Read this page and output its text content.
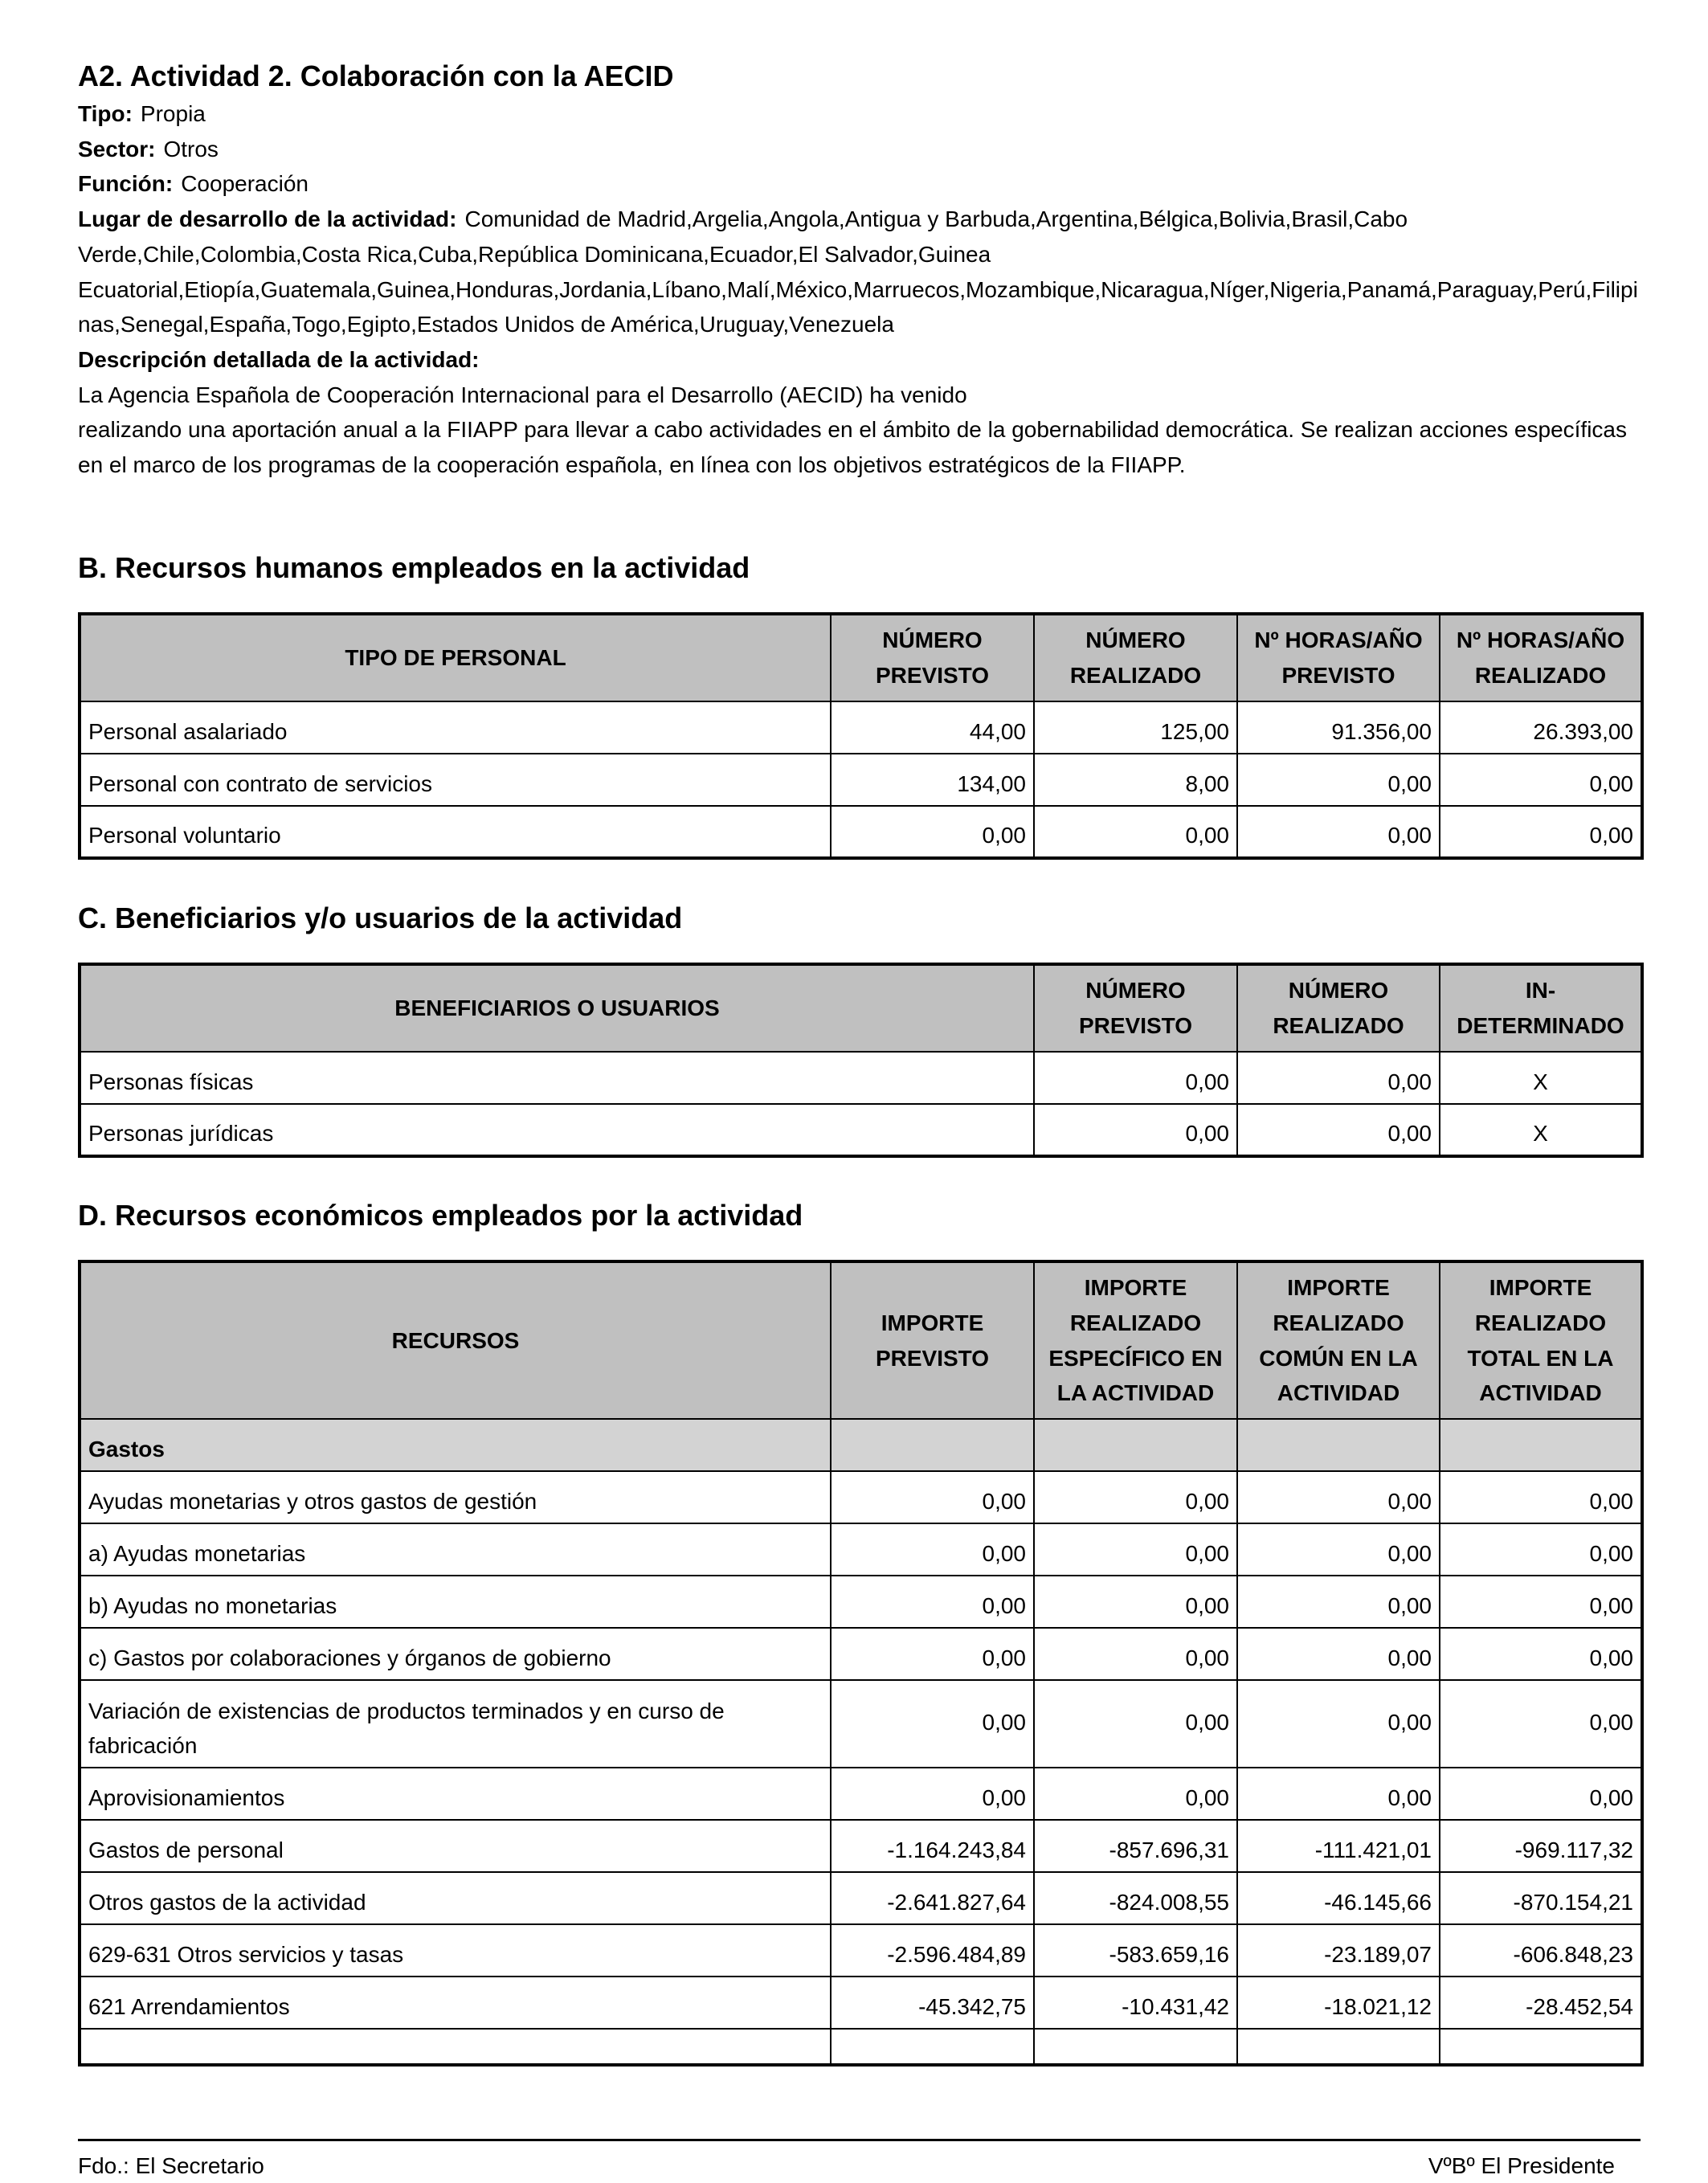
A2. Actividad 2. Colaboración con la AECID
Tipo: Propia
Sector: Otros
Función: Cooperación
Lugar de desarrollo de la actividad: Comunidad de Madrid,Argelia,Angola,Antigua y Barbuda,Argentina,Bélgica,Bolivia,Brasil,Cabo Verde,Chile,Colombia,Costa Rica,Cuba,República Dominicana,Ecuador,El Salvador,Guinea Ecuatorial,Etiopía,Guatemala,Guinea,Honduras,Jordania,Líbano,Malí,México,Marruecos,Mozambique,Nicaragua,Níger,Nigeria,Panamá,Paraguay,Perú,Filipinas,Senegal,España,Togo,Egipto,Estados Unidos de América,Uruguay,Venezuela
Descripción detallada de la actividad:
La Agencia Española de Cooperación Internacional para el Desarrollo (AECID) ha venido
realizando una aportación anual a la FIIAPP para llevar a cabo actividades en el ámbito de la gobernabilidad democrática. Se realizan acciones específicas en el marco de los programas de la cooperación española, en línea con los objetivos estratégicos de la FIIAPP.
B. Recursos humanos empleados en la actividad
TIPO DE PERSONAL	NÚMERO PREVISTO	NÚMERO REALIZADO	Nº HORAS/AÑO PREVISTO	Nº HORAS/AÑO REALIZADO
Personal asalariado	44,00	125,00	91.356,00	26.393,00
Personal con contrato de servicios	134,00	8,00	0,00	0,00
Personal voluntario	0,00	0,00	0,00	0,00
C. Beneficiarios y/o usuarios de la actividad
BENEFICIARIOS O USUARIOS	NÚMERO PREVISTO	NÚMERO REALIZADO	IN- DETERMINADO
Personas físicas	0,00	0,00	X
Personas jurídicas	0,00	0,00	X
D. Recursos económicos empleados por la actividad
RECURSOS	IMPORTE PREVISTO	IMPORTE REALIZADO ESPECÍFICO EN LA ACTIVIDAD	IMPORTE REALIZADO COMÚN EN LA ACTIVIDAD	IMPORTE REALIZADO TOTAL EN LA ACTIVIDAD
Gastos				
Ayudas monetarias y otros gastos de gestión	0,00	0,00	0,00	0,00
a) Ayudas monetarias	0,00	0,00	0,00	0,00
b) Ayudas no monetarias	0,00	0,00	0,00	0,00
c) Gastos por colaboraciones y órganos de gobierno	0,00	0,00	0,00	0,00
Variación de existencias de productos terminados y en curso de fabricación	0,00	0,00	0,00	0,00
Aprovisionamientos	0,00	0,00	0,00	0,00
Gastos de personal	-1.164.243,84	-857.696,31	-111.421,01	-969.117,32
Otros gastos de la actividad	-2.641.827,64	-824.008,55	-46.145,66	-870.154,21
629-631 Otros servicios y tasas	-2.596.484,89	-583.659,16	-23.189,07	-606.848,23
621 Arrendamientos	-45.342,75	-10.431,42	-18.021,12	-28.452,54

Fdo.: El Secretario	VºBº El Presidente
